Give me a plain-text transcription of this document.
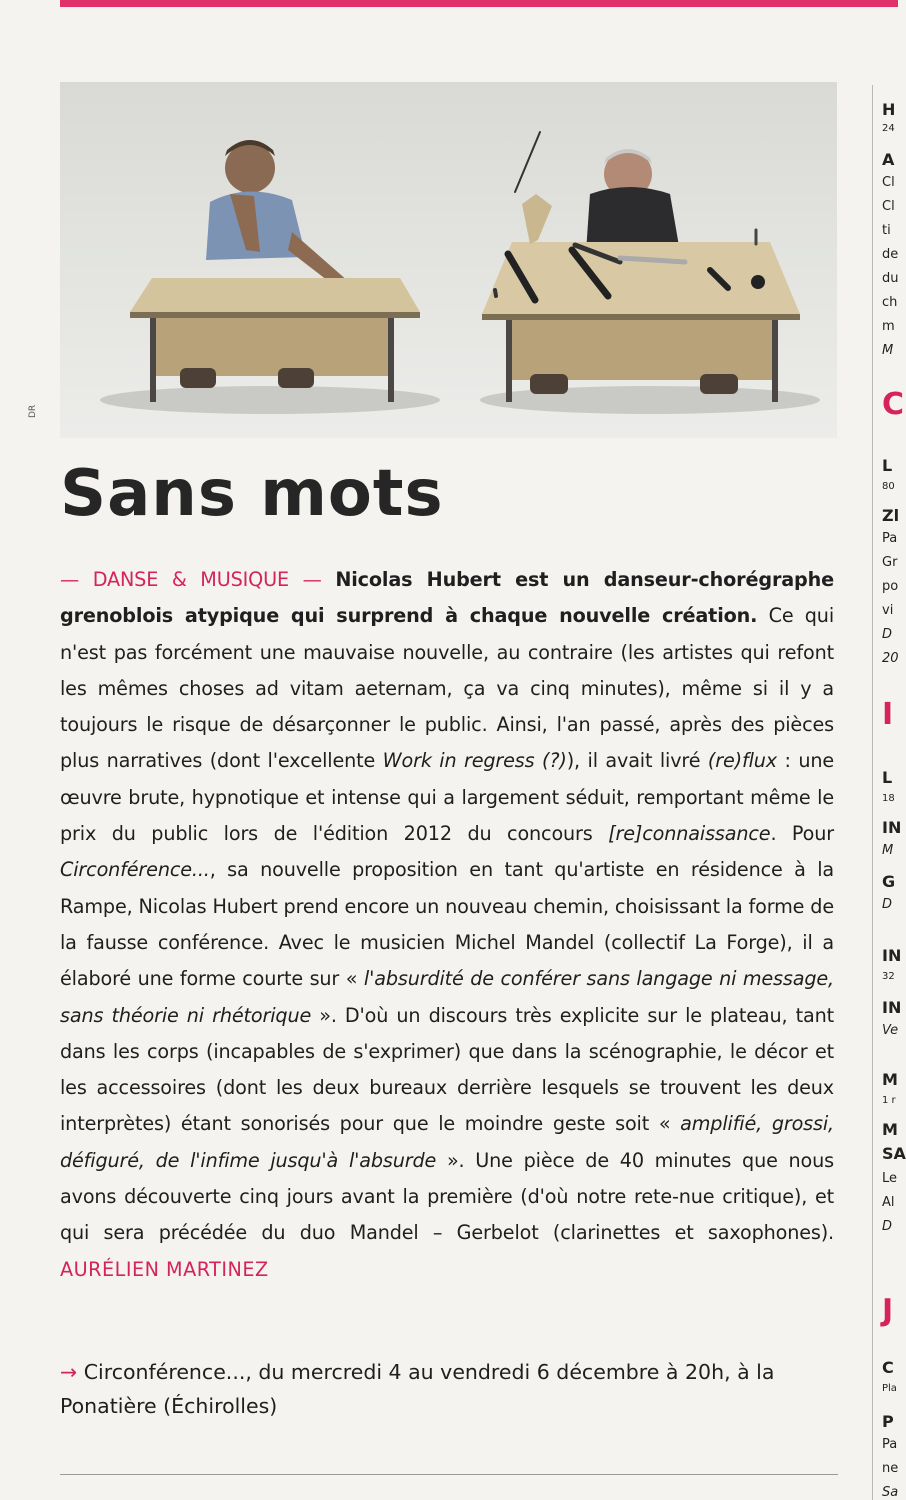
DR
Sans mots

— DANSE & MUSIQUE — Nicolas Hubert est un danseur-chorégraphe grenoblois atypique qui surprend à chaque nouvelle création. Ce qui n'est pas forcément une mauvaise nouvelle, au contraire (les artistes qui refont les mêmes choses ad vitam aeternam, ça va cinq minutes), même si il y a toujours le risque de désarçonner le public. Ainsi, l'an passé, après des pièces plus narratives (dont l'excellente Work in regress (?)), il avait livré (re)flux : une œuvre brute, hypnotique et intense qui a largement séduit, remportant même le prix du public lors de l'édition 2012 du concours [re]connaissance. Pour Circonférence..., sa nouvelle proposition en tant qu'artiste en résidence à la Rampe, Nicolas Hubert prend encore un nouveau chemin, choisissant la forme de la fausse conférence. Avec le musicien Michel Mandel (collectif La Forge), il a élaboré une forme courte sur « l'absurdité de conférer sans langage ni message, sans théorie ni rhétorique ». D'où un discours très explicite sur le plateau, tant dans les corps (incapables de s'exprimer) que dans la scénographie, le décor et les accessoires (dont les deux bureaux derrière lesquels se trouvent les deux interprètes) étant sonorisés pour que le moindre geste soit « amplifié, grossi, défiguré, de l'infime jusqu'à l'absurde ». Une pièce de 40 minutes que nous avons découverte cinq jours avant la première (d'où notre rete-nue critique), et qui sera précédée du duo Mandel – Gerbelot (clarinettes et saxophones). AURÉLIEN MARTINEZ

→ Circonférence..., du mercredi 4 au vendredi 6 décembre à 20h, à la Ponatière (Échirolles)

H
24
A
Cl
Cl
ti
de
du
ch
m
M
C
L
80
Zl
Pa
Gr
po
vi
D
20
I
L
18
IN
M
G
D
IN
32
IN
Ve
M
1 r
M
SA
Le
Al
D
J
C
Pla
P
Pa
ne
Sa
